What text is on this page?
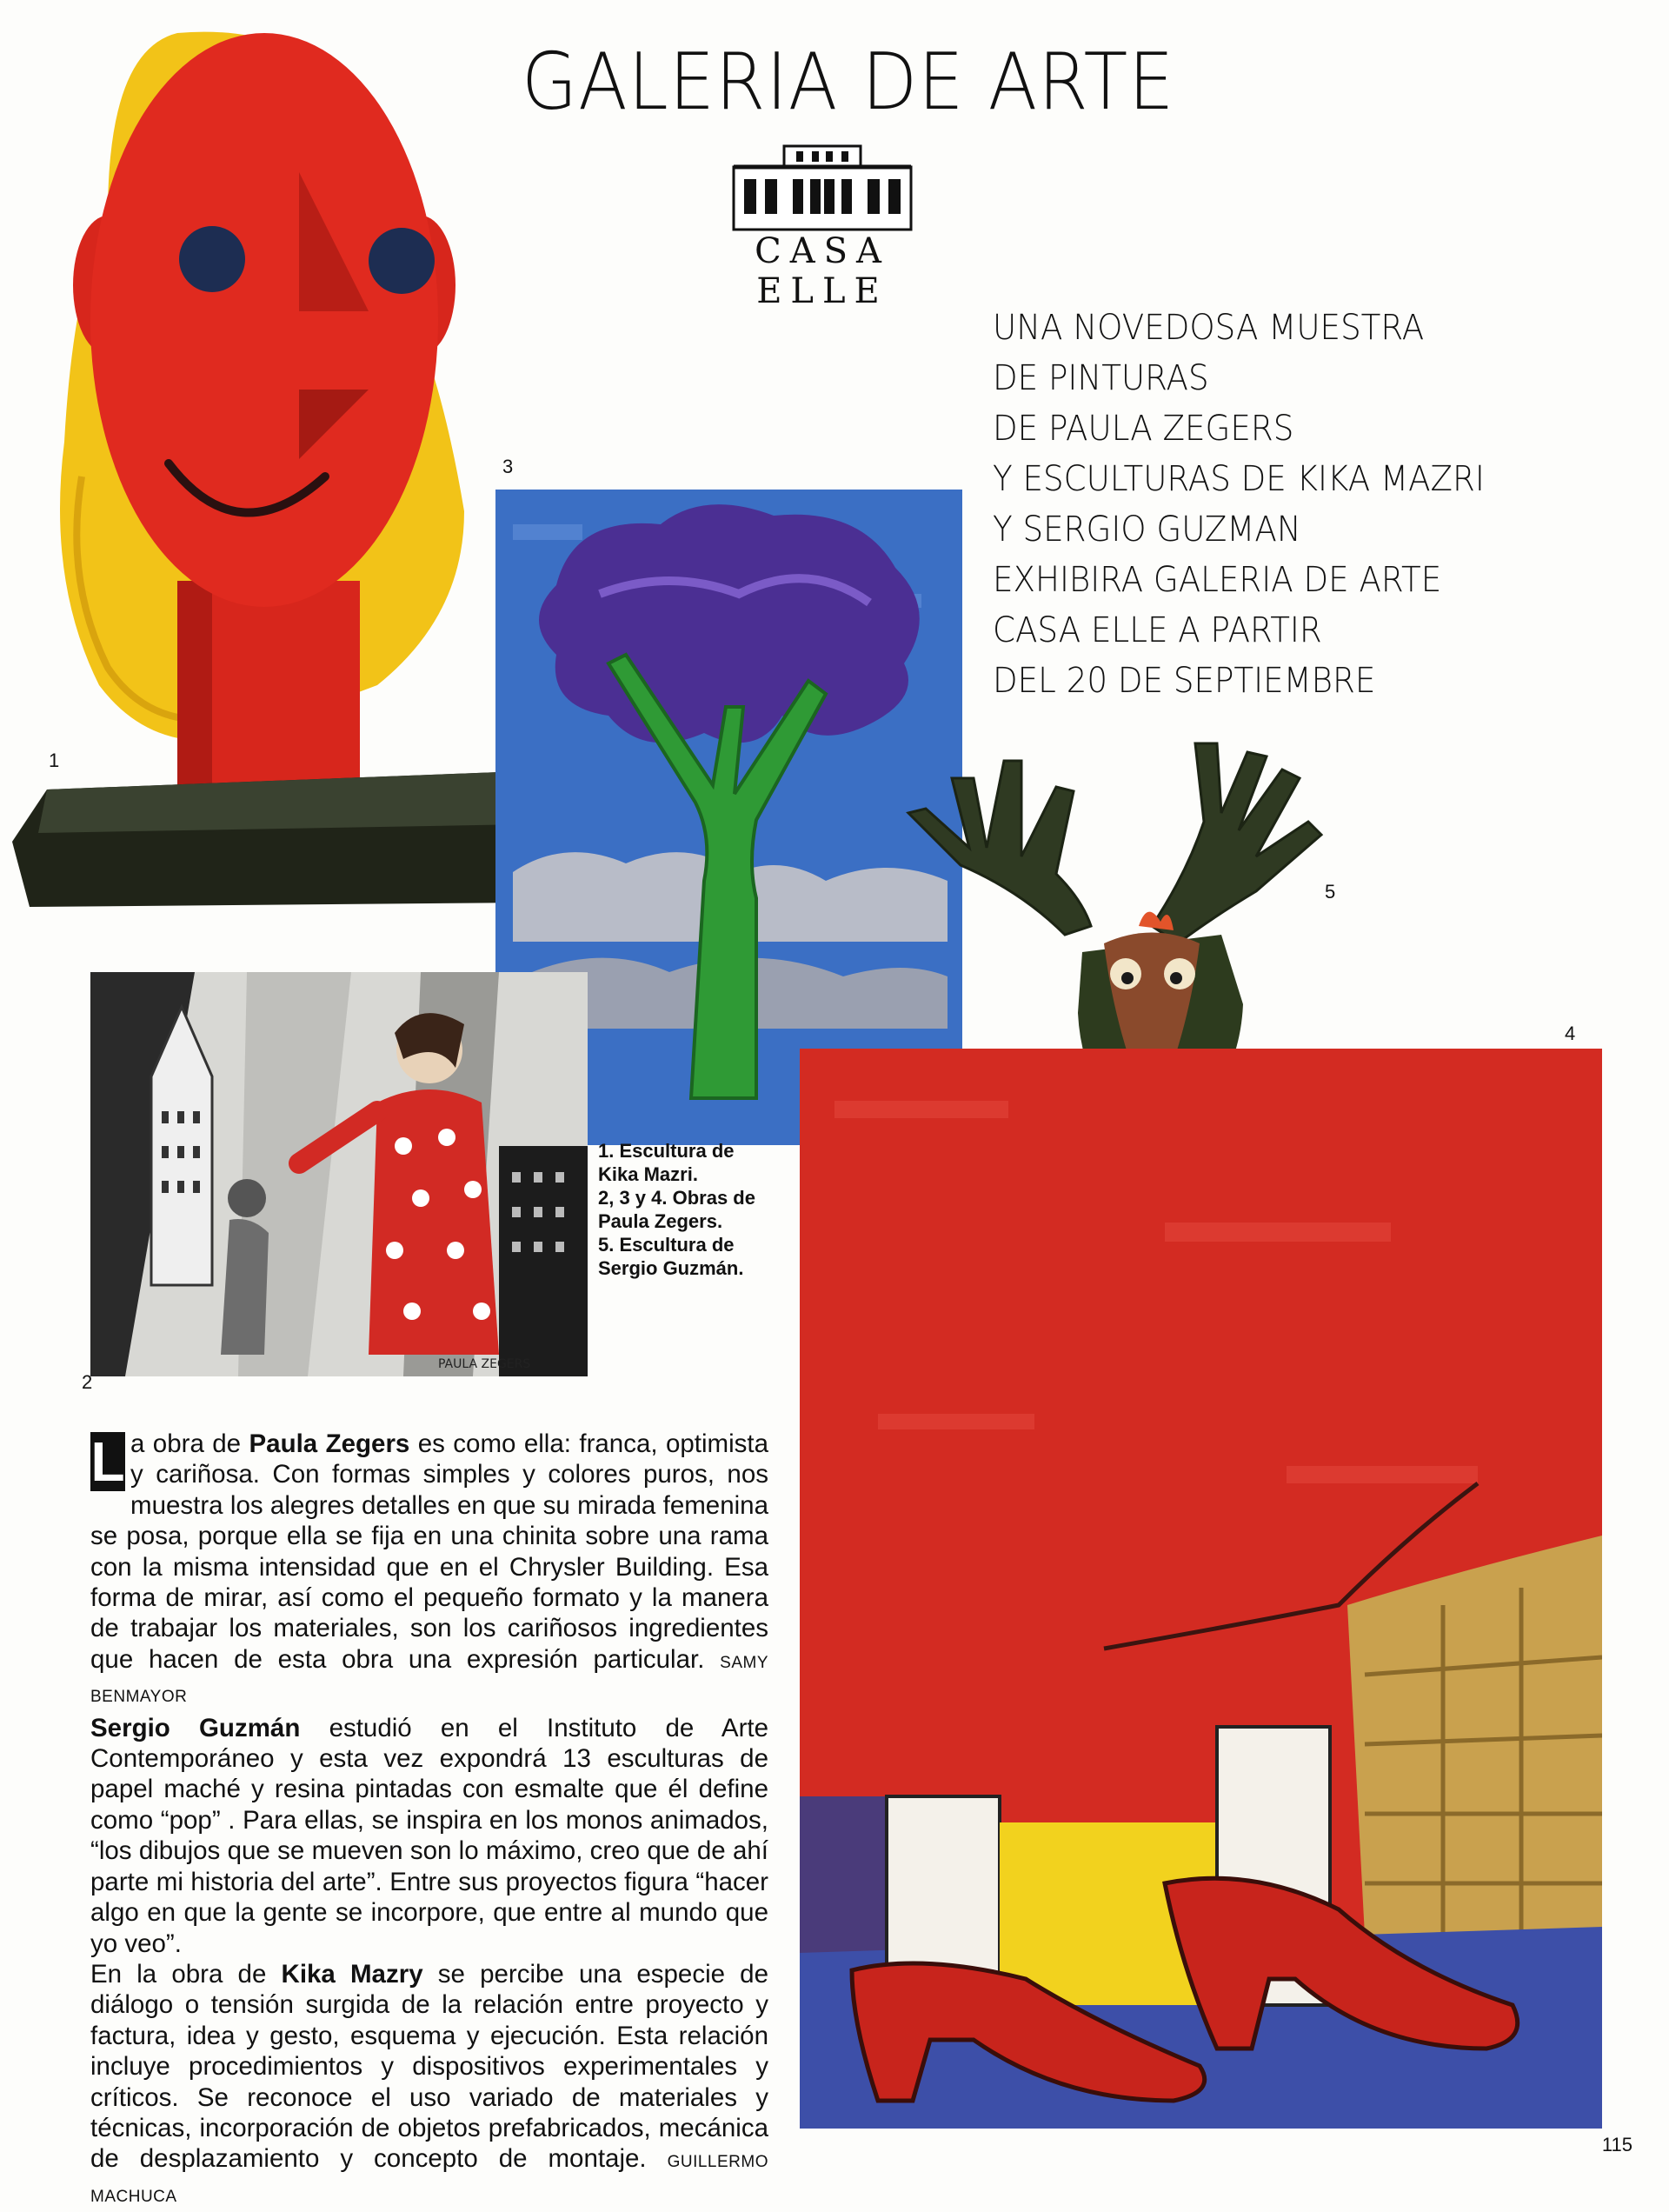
GALERIA DE ARTE
CASA ELLE
UNA NOVEDOSA MUESTRA
DE PINTURAS
DE PAULA ZEGERS
Y ESCULTURAS DE KIKA MAZRI
Y SERGIO GUZMAN
EXHIBIRA GALERIA DE ARTE
CASA ELLE A PARTIR
DEL 20 DE SEPTIEMBRE
1
3
5
4
PAULA ZEGERS
2
1. Escultura de
Kika Mazri.
2, 3 y 4. Obras de
Paula Zegers.
5. Escultura de
Sergio Guzmán.

L a obra de Paula Zegers es como ella: franca, optimista y cariñosa. Con formas simples y colores puros, nos muestra los alegres detalles en que su mirada femenina se posa, porque ella se fija en una chinita sobre una rama con la misma intensidad que en el Chrysler Building. Esa forma de mirar, así como el pequeño formato y la manera de trabajar los materiales, son los cariñosos ingredientes que hacen de esta obra una expresión particular. SAMY BENMAYOR

Sergio Guzmán estudió en el Instituto de Arte Contemporáneo y esta vez expondrá 13 esculturas de papel maché y resina pintadas con esmalte que él define como “pop” . Para ellas, se inspira en los monos animados, “los dibujos que se mueven son lo máximo, creo que de ahí parte mi historia del arte”. Entre sus proyectos figura “hacer algo en que la gente se incorpore, que entre al mundo que yo veo”.

En la obra de Kika Mazry se percibe una especie de diálogo o tensión surgida de la relación entre proyecto y factura, idea y gesto, esquema y ejecución. Esta relación incluye procedimientos y dispositivos experimentales y críticos. Se reconoce el uso variado de materiales y técnicas, incorporación de objetos prefabricados, mecánica de desplazamiento y concepto de montaje. GUILLERMO MACHUCA

115
